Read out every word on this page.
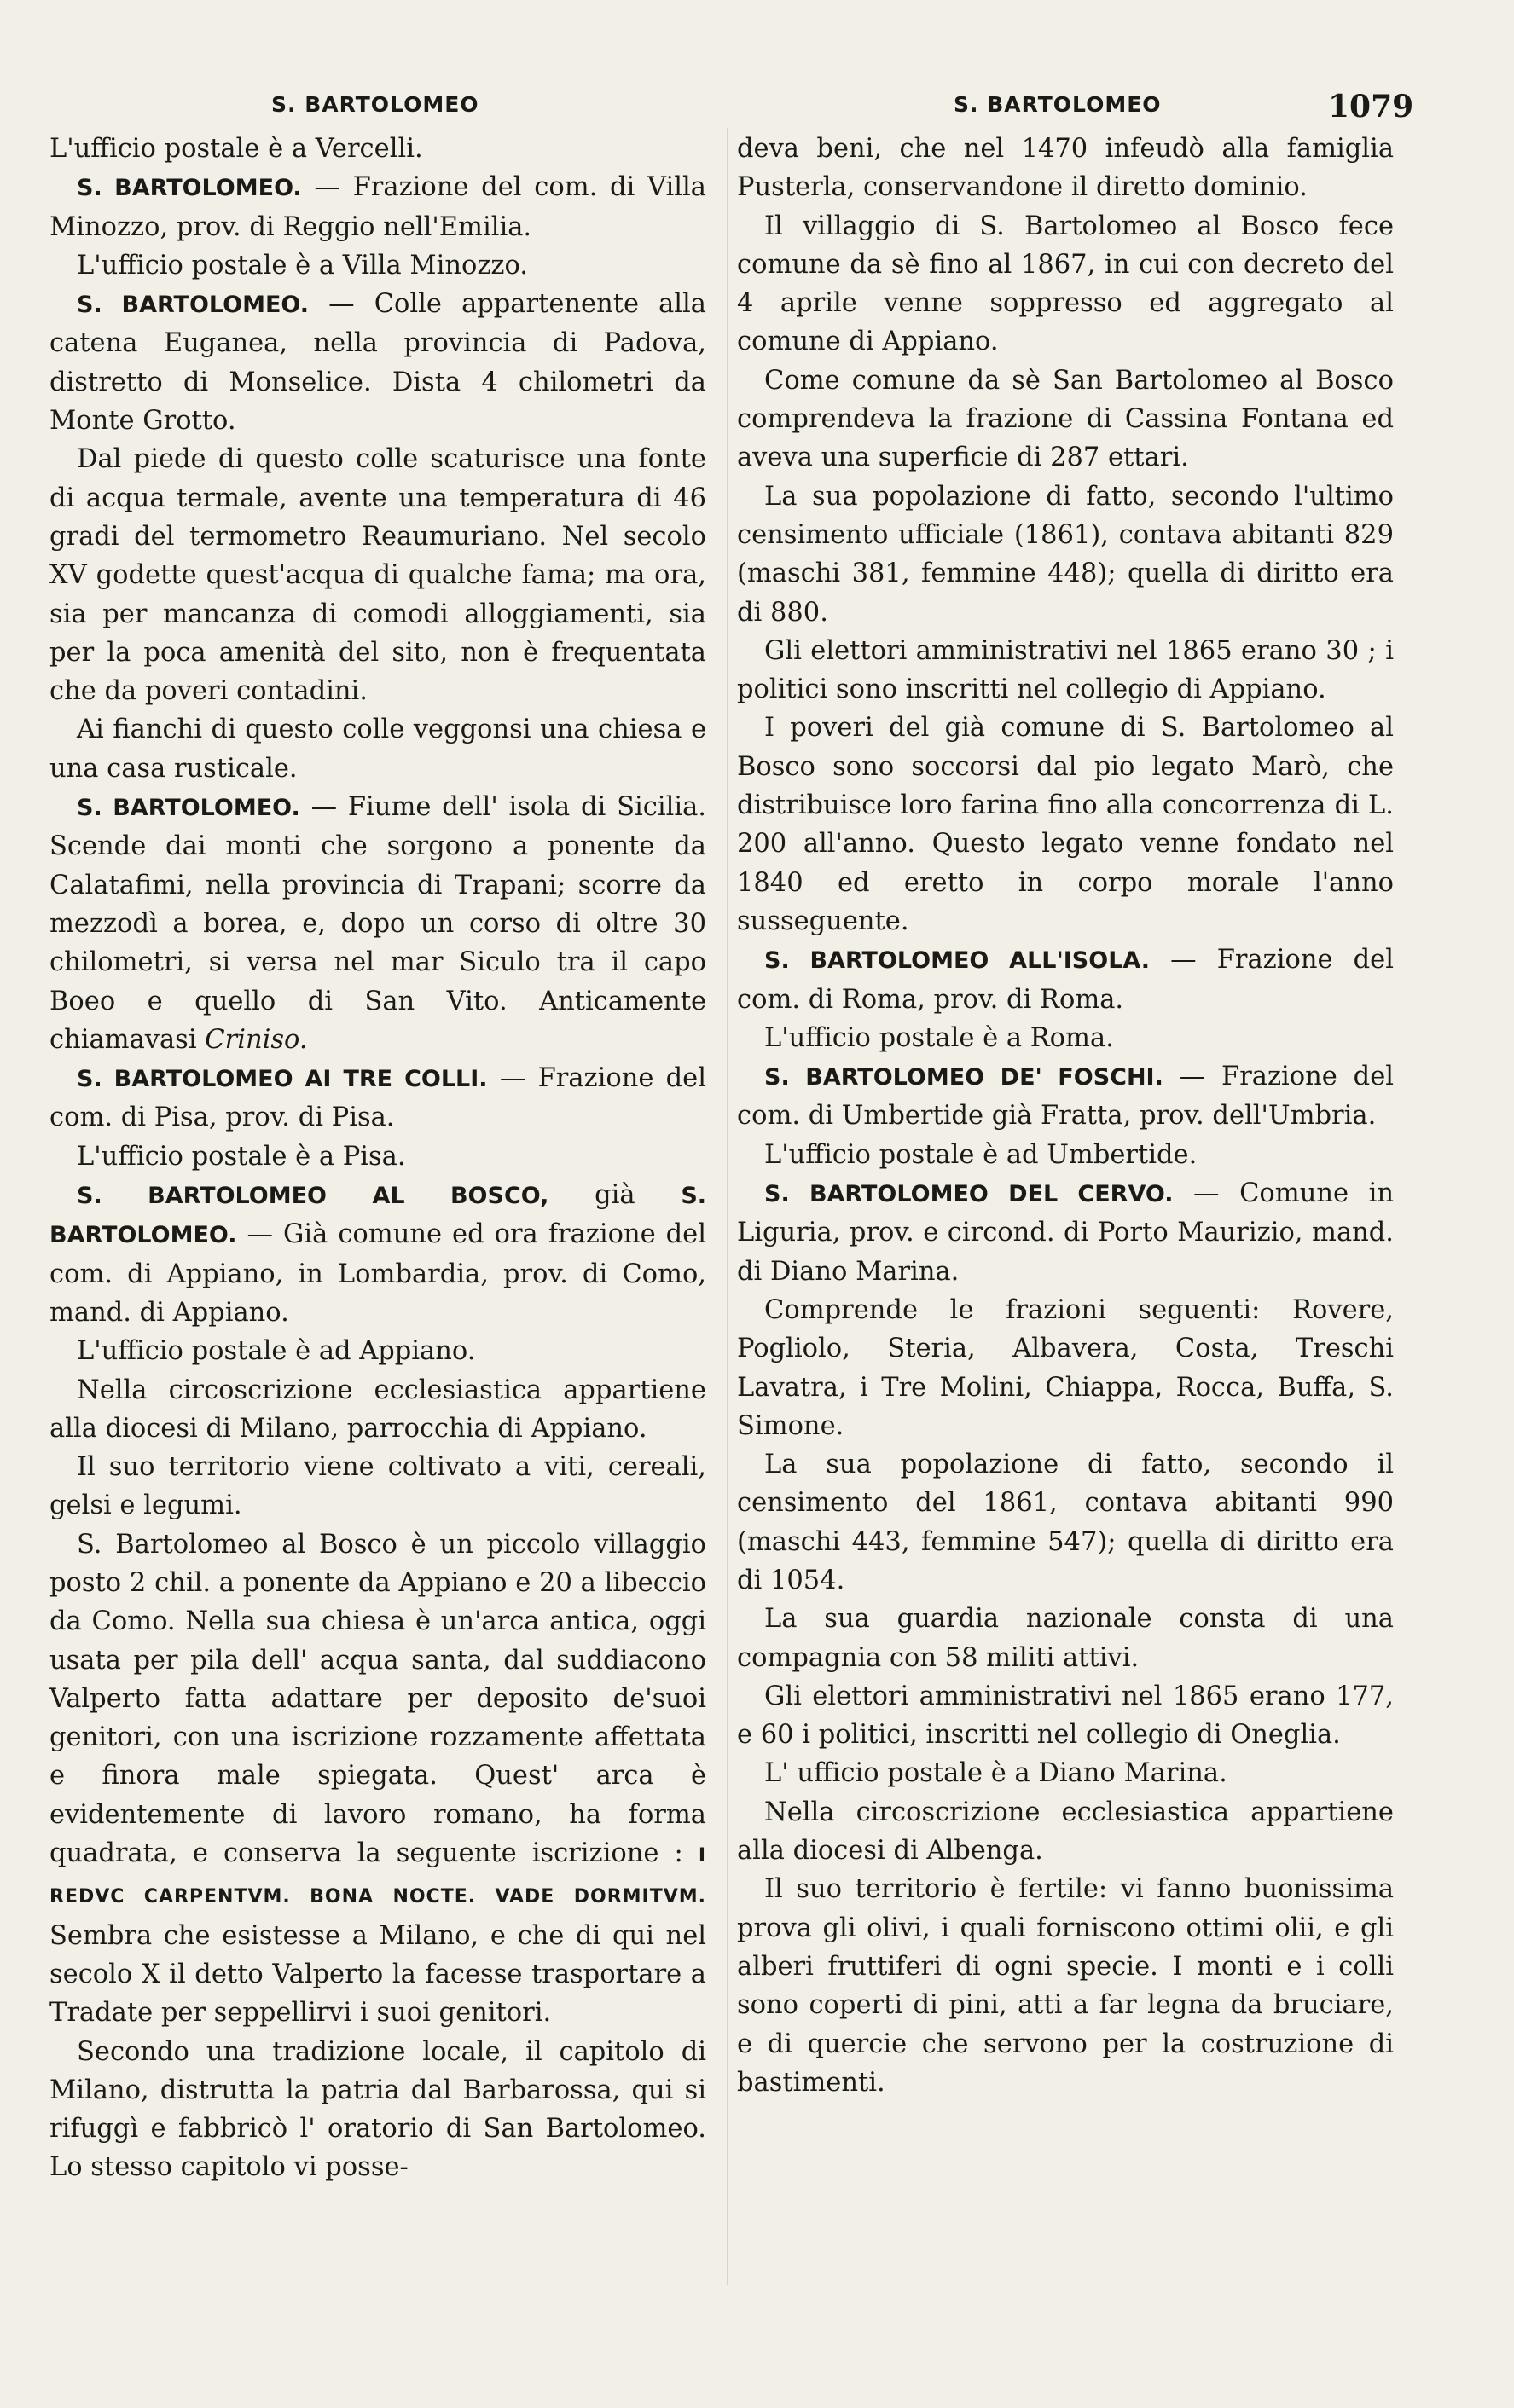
S. BARTOLOMEO	S. BARTOLOMEO	1079

L'ufficio postale è a Vercelli.

S. BARTOLOMEO. — Frazione del com. di Villa Minozzo, prov. di Reggio nell'Emilia.

L'ufficio postale è a Villa Minozzo.

S. BARTOLOMEO. — Colle appartenente alla catena Euganea, nella provincia di Padova, distretto di Monselice. Dista 4 chilometri da Monte Grotto.

Dal piede di questo colle scaturisce una fonte di acqua termale, avente una temperatura di 46 gradi del termometro Reaumuriano. Nel secolo XV godette quest'acqua di qualche fama; ma ora, sia per mancanza di comodi alloggiamenti, sia per la poca amenità del sito, non è frequentata che da poveri contadini.

Ai fianchi di questo colle veggonsi una chiesa e una casa rusticale.

S. BARTOLOMEO. — Fiume dell' isola di Sicilia. Scende dai monti che sorgono a ponente da Calatafimi, nella provincia di Trapani; scorre da mezzodì a borea, e, dopo un corso di oltre 30 chilometri, si versa nel mar Siculo tra il capo Boeo e quello di San Vito. Anticamente chiamavasi Criniso.

S. BARTOLOMEO AI TRE COLLI. — Frazione del com. di Pisa, prov. di Pisa.

L'ufficio postale è a Pisa.

S. BARTOLOMEO AL BOSCO, già S. BARTOLOMEO. — Già comune ed ora frazione del com. di Appiano, in Lombardia, prov. di Como, mand. di Appiano.

L'ufficio postale è ad Appiano.

Nella circoscrizione ecclesiastica appartiene alla diocesi di Milano, parrocchia di Appiano.

Il suo territorio viene coltivato a viti, cereali, gelsi e legumi.

S. Bartolomeo al Bosco è un piccolo villaggio posto 2 chil. a ponente da Appiano e 20 a libeccio da Como. Nella sua chiesa è un'arca antica, oggi usata per pila dell' acqua santa, dal suddiacono Valperto fatta adattare per deposito de'suoi genitori, con una iscrizione rozzamente affettata e finora male spiegata. Quest' arca è evidentemente di lavoro romano, ha forma quadrata, e conserva la seguente iscrizione : I REDVC CARPENTVM. BONA NOCTE. VADE DORMITVM. Sembra che esistesse a Milano, e che di qui nel secolo X il detto Valperto la facesse trasportare a Tradate per seppellirvi i suoi genitori.

Secondo una tradizione locale, il capitolo di Milano, distrutta la patria dal Barbarossa, qui si rifuggì e fabbricò l' oratorio di San Bartolomeo. Lo stesso capitolo vi posse-

deva beni, che nel 1470 infeudò alla famiglia Pusterla, conservandone il diretto dominio.

Il villaggio di S. Bartolomeo al Bosco fece comune da sè fino al 1867, in cui con decreto del 4 aprile venne soppresso ed aggregato al comune di Appiano.

Come comune da sè San Bartolomeo al Bosco comprendeva la frazione di Cassina Fontana ed aveva una superficie di 287 ettari.

La sua popolazione di fatto, secondo l'ultimo censimento ufficiale (1861), contava abitanti 829 (maschi 381, femmine 448); quella di diritto era di 880.

Gli elettori amministrativi nel 1865 erano 30 ; i politici sono inscritti nel collegio di Appiano.

I poveri del già comune di S. Bartolomeo al Bosco sono soccorsi dal pio legato Marò, che distribuisce loro farina fino alla concorrenza di L. 200 all'anno. Questo legato venne fondato nel 1840 ed eretto in corpo morale l'anno susseguente.

S. BARTOLOMEO ALL'ISOLA. — Frazione del com. di Roma, prov. di Roma.

L'ufficio postale è a Roma.

S. BARTOLOMEO DE' FOSCHI. — Frazione del com. di Umbertide già Fratta, prov. dell'Umbria.

L'ufficio postale è ad Umbertide.

S. BARTOLOMEO DEL CERVO. — Comune in Liguria, prov. e circond. di Porto Maurizio, mand. di Diano Marina.

Comprende le frazioni seguenti: Rovere, Pogliolo, Steria, Albavera, Costa, Treschi Lavatra, i Tre Molini, Chiappa, Rocca, Buffa, S. Simone.

La sua popolazione di fatto, secondo il censimento del 1861, contava abitanti 990 (maschi 443, femmine 547); quella di diritto era di 1054.

La sua guardia nazionale consta di una compagnia con 58 militi attivi.

Gli elettori amministrativi nel 1865 erano 177, e 60 i politici, inscritti nel collegio di Oneglia.

L' ufficio postale è a Diano Marina.

Nella circoscrizione ecclesiastica appartiene alla diocesi di Albenga.

Il suo territorio è fertile: vi fanno buonissima prova gli olivi, i quali forniscono ottimi olii, e gli alberi fruttiferi di ogni specie. I monti e i colli sono coperti di pini, atti a far legna da bruciare, e di quercie che servono per la costruzione di bastimenti.
